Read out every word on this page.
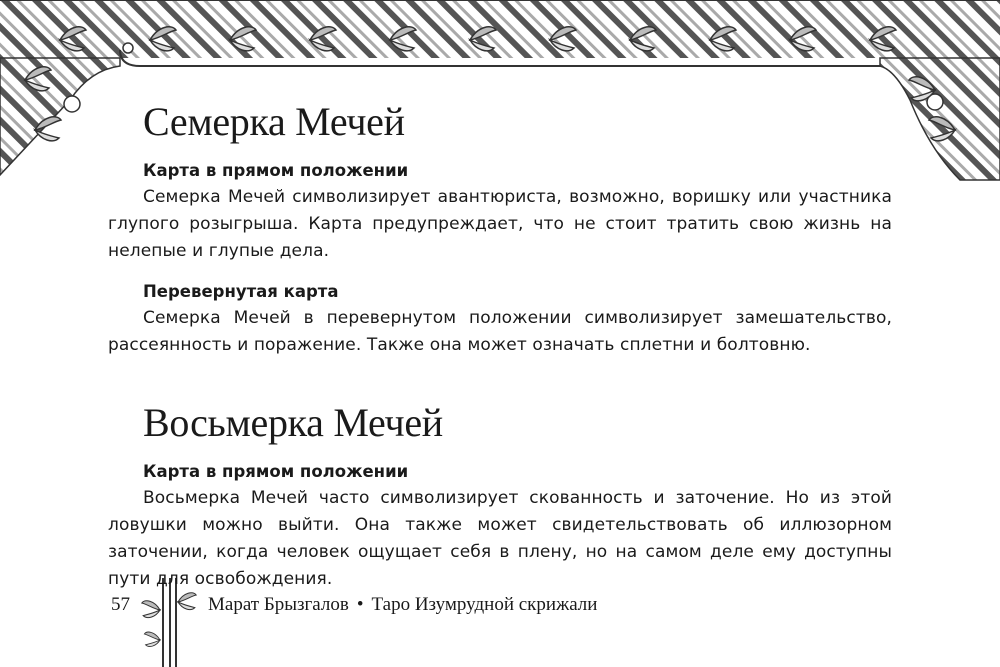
Семерка Мечей
Карта в прямом положении

Семерка Мечей символизирует авантюриста, возможно, воришку или участника глупого розыгрыша. Карта предупреждает, что не стоит тратить свою жизнь на нелепые и глупые дела.

Перевернутая карта

Семерка Мечей в перевернутом положении символизирует замешательство, рассеянность и поражение. Также она может означать сплетни и болтовню.

Восьмерка Мечей
Карта в прямом положении

Восьмерка Мечей часто символизирует скованность и заточение. Но из этой ловушки можно выйти. Она также может свидетельствовать об иллюзорном заточении, когда человек ощущает себя в плену, но на самом деле ему доступны пути для освобождения.

57	Марат Брызгалов • Таро Изумрудной скрижали
